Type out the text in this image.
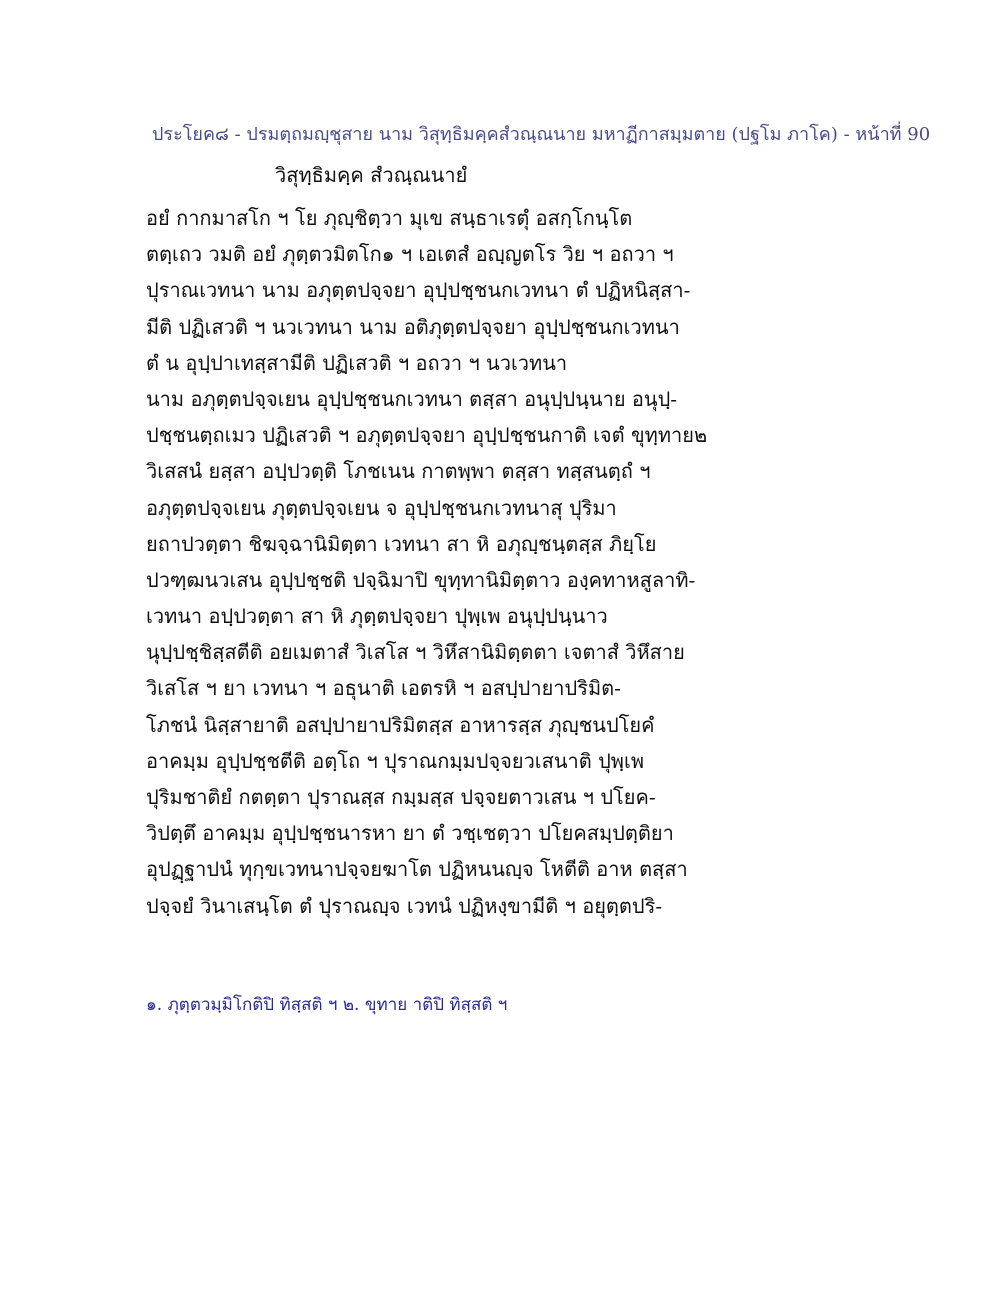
ประโยค๘ - ปรมตฺถมญฺชุสาย นาม วิสุทฺธิมคฺคสํวณฺณนาย มหาฏีกาสมฺมตาย (ปฐโม ภาโค) - หน้าที่ 90
วิสุทฺธิมคฺค สํวณฺณนายํ
อยํ กากมาสโก ฯ โย ภุญฺชิตฺวา มุเข สนฺธาเรตุํ อสกฺโกนฺโต
ตตฺเถว วมติ อยํ ภุตฺตวมิตโก๑ ฯ เอเตสํ อญฺญตโร วิย ฯ อถวา ฯ
ปุราณเวทนา นาม อภุตฺตปจฺจยา อุปฺปชฺชนกเวทนา ตํ ปฏิหนิสฺสา-
มีติ ปฏิเสวติ ฯ นวเวทนา นาม อติภุตฺตปจฺจยา อุปฺปชฺชนกเวทนา
ตํ น อุปฺปาเทสฺสามีติ ปฏิเสวติ ฯ อถวา ฯ นวเวทนา
นาม อภุตฺตปจฺจเยน อุปฺปชฺชนกเวทนา ตสฺสา อนุปฺปนฺนาย อนุปฺ-
ปชฺชนตฺถเมว ปฏิเสวติ ฯ อภุตฺตปจฺจยา อุปฺปชฺชนกาติ เจตํ ขุทฺทาย๒
วิเสสนํ ยสฺสา อปฺปวตฺติ โภชเนน กาตพฺพา ตสฺสา ทสฺสนตฺถํ ฯ
อภุตฺตปจฺจเยน ภุตฺตปจฺจเยน จ อุปฺปชฺชนกเวทนาสุ ปุริมา
ยถาปวตฺตา ชิฆจฺฉานิมิตฺตา เวทนา สา หิ อภุญฺชนฺตสฺส ภิยฺโย
ปวฑฺฒนวเสน อุปฺปชฺชติ ปจฺฉิมาปิ ขุทฺทานิมิตฺตาว องฺคทาหสูลาทิ-
เวทนา อปฺปวตฺตา สา หิ ภุตฺตปจฺจยา ปุพฺเพ อนุปฺปนฺนาว
นุปฺปชฺชิสฺสตีติ อยเมตาสํ วิเสโส ฯ วิหึสานิมิตฺตตา เจตาสํ วิหึสาย
วิเสโส ฯ ยา เวทนา ฯ อธุนาติ เอตรหิ ฯ อสปฺปายาปริมิต-
โภชนํ นิสฺสายาติ อสปฺปายาปริมิตสฺส อาหารสฺส ภุญฺชนปโยคํ
อาคมฺม อุปฺปชฺชตีติ อตฺโถ ฯ ปุราณกมฺมปจฺจยวเสนาติ ปุพฺเพ
ปุริมชาติยํ กตตฺตา ปุราณสฺส กมฺมสฺส ปจฺจยตาวเสน ฯ ปโยค-
วิปตฺตึ อาคมฺม อุปฺปชฺชนารหา ยา ตํ วชฺเชตฺวา ปโยคสมฺปตฺติยา
อุปฏฺฐาปนํ ทุกฺขเวทนาปจฺจยฆาโต ปฏิหนนญฺจ โหตีติ อาห ตสฺสา
ปจฺจยํ วินาเสนฺโต ตํ ปุราณญฺจ เวทนํ ปฏิหงฺขามีติ ฯ อยุตฺตปริ-
๑. ภุตฺตวมฺมิโกติปิ ทิสฺสติ ฯ ๒. ขุทาย าติปิ ทิสฺสติ ฯ
